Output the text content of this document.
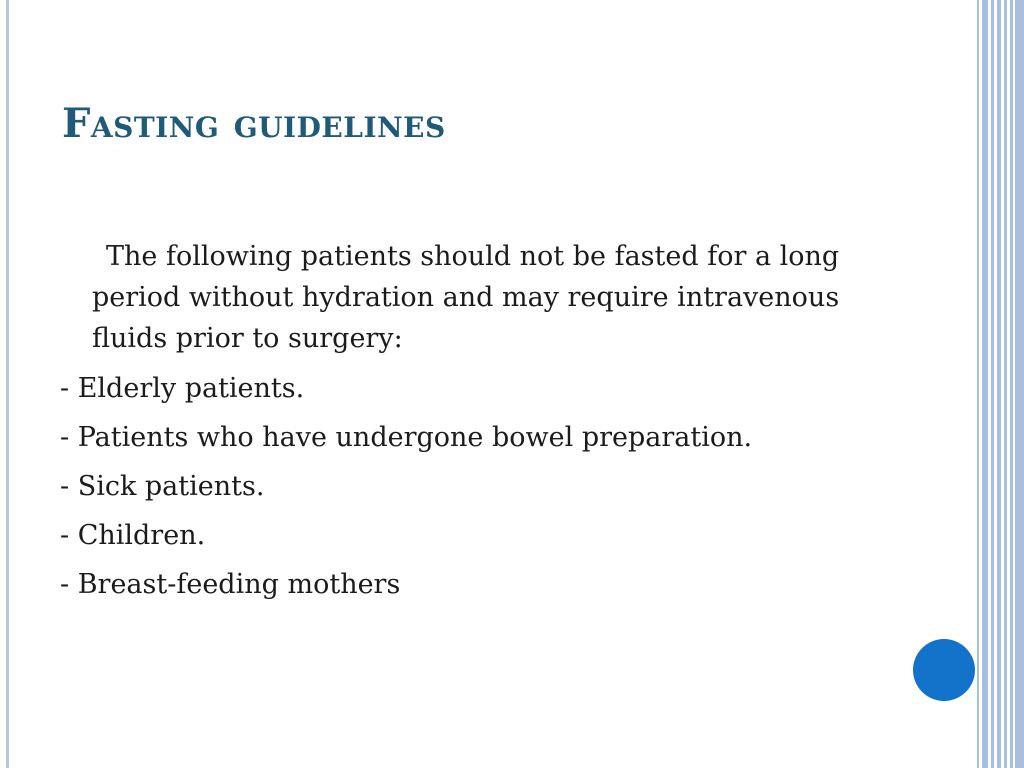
Fasting guidelines

The following patients should not be fasted for a long period without hydration and may require intravenous fluids prior to surgery:

- Elderly patients.

- Patients who have undergone bowel preparation.

- Sick patients.

- Children.

- Breast-feeding mothers
